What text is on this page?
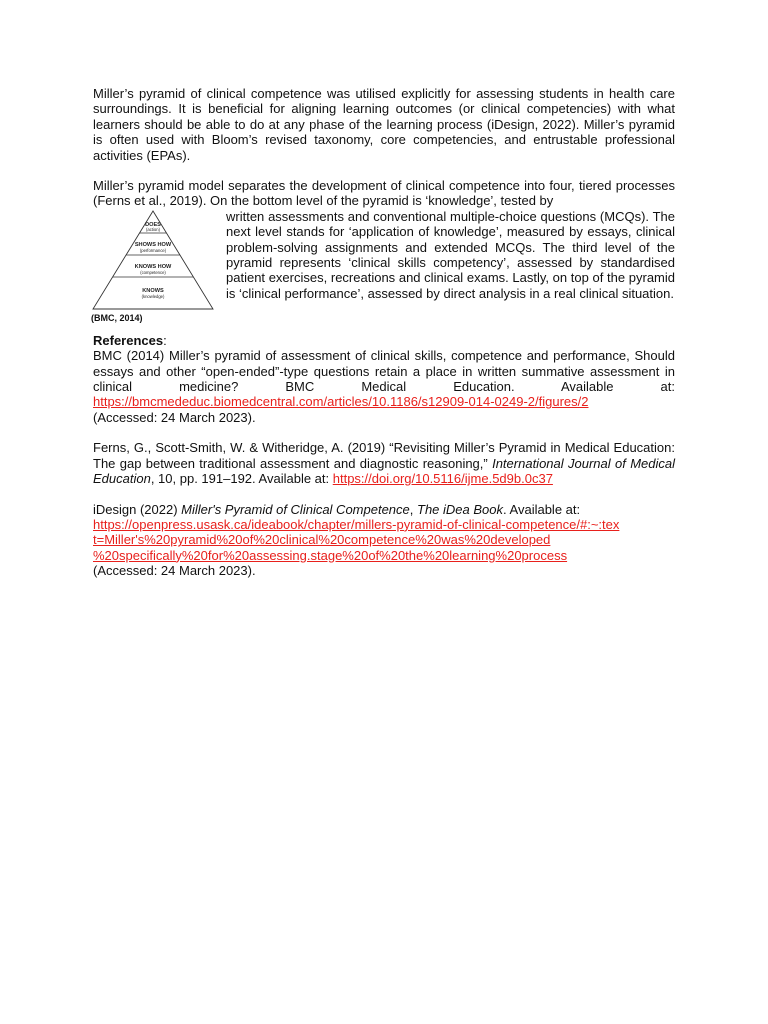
Miller’s pyramid of clinical competence was utilised explicitly for assessing students in health care surroundings. It is beneficial for aligning learning outcomes (or clinical competencies) with what learners should be able to do at any phase of the learning process (iDesign, 2022). Miller’s pyramid is often used with Bloom’s revised taxonomy, core competencies, and entrustable professional activities (EPAs).

Miller’s pyramid model separates the development of clinical competence into four, tiered processes (Ferns et al., 2019). On the bottom level of the pyramid is ‘knowledge’, tested by

DOES
(action)
SHOWS HOW
(performance)
KNOWS HOW
(competence)
KNOWS
(knowledge)
(BMC, 2014)

written assessments and conventional multiple-choice questions (MCQs). The next level stands for ‘application of knowledge’, measured by essays, clinical problem-solving assignments and extended MCQs. The third level of the pyramid represents ‘clinical skills competency’, assessed by standardised patient exercises, recreations and clinical exams. Lastly, on top of the pyramid is ‘clinical performance’, assessed by direct analysis in a real clinical situation.

References:

BMC (2014) Miller’s pyramid of assessment of clinical skills, competence and performance, Should essays and other “open-ended”-type questions retain a place in written summative assessment in clinical medicine? BMC Medical Education. Available at: https://bmcmededuc.biomedcentral.com/articles/10.1186/s12909-014-0249-2/figures/2
(Accessed: 24 March 2023).

Ferns, G., Scott-Smith, W. & Witheridge, A. (2019) “Revisiting Miller’s Pyramid in Medical Education: The gap between traditional assessment and diagnostic reasoning,” International Journal of Medical Education, 10, pp. 191–192. Available at: https://doi.org/10.5116/ijme.5d9b.0c37

iDesign (2022) Miller's Pyramid of Clinical Competence, The iDea Book. Available at:

https://openpress.usask.ca/ideabook/chapter/millers-pyramid-of-clinical-competence/#:~:tex
t=Miller's%20pyramid%20of%20clinical%20competence%20was%20developed
%20specifically%20for%20assessing.stage%20of%20the%20learning%20process

(Accessed: 24 March 2023).
